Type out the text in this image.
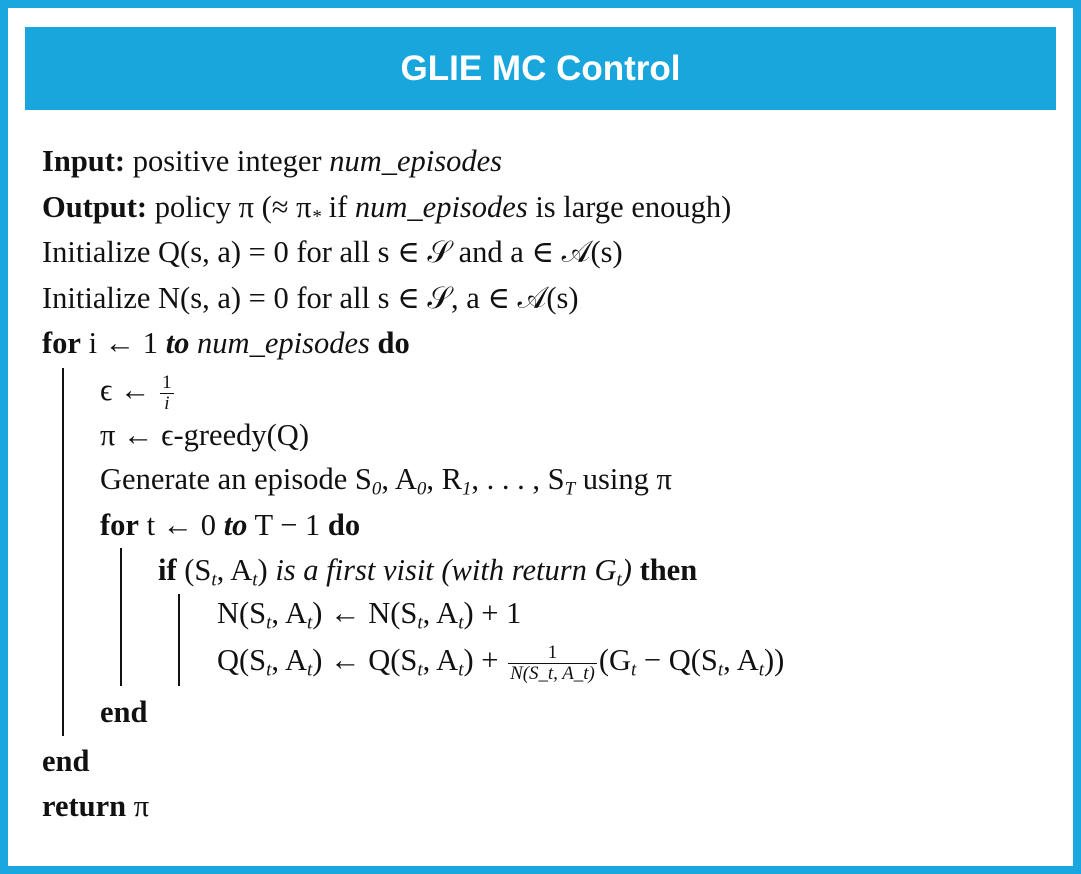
GLIE MC Control
Input: positive integer num_episodes
Output: policy π (≈ $\pi_*$ if num_episodes is large enough)
Initialize Q(s, a) = 0 for all s ∈ 𝒮 and a ∈ 𝒜(s)
Initialize N(s, a) = 0 for all s ∈ 𝒮, a ∈ 𝒜(s)
for i ← 1 to num_episodes do
ϵ ← $\frac{1}{i}$
π ← ϵ-greedy(Q)
Generate an episode $S_0$, $A_0$, $R_1$, . . . , $S_T$ using π
for t ← 0 to T − 1 do
if ($S_t$, $A_t$) is a first visit (with return $G_t$) then
$N(S_t$, $A_t$) ← $N(S_t$, $A_t) + 1$
$Q(S_t$, $A_t$) ← $Q(S_t$, $A_t) + \frac{1}{N(S\_t, A\_t)} (G_t - Q(S_t$, $A_t$))
end
end
return π
